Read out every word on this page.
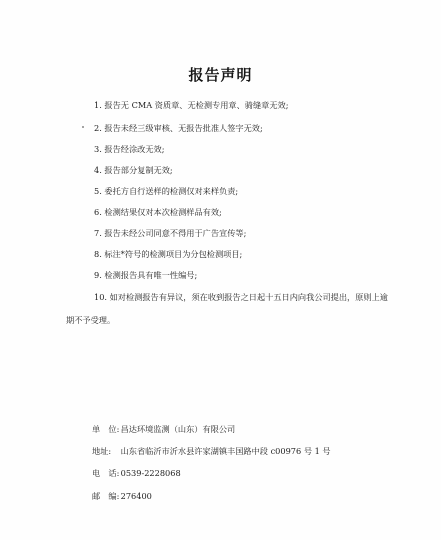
报告声明
1. 报告无 CMA 资质章、无检测专用章、骑缝章无效;
2. 报告未经三级审核、无报告批准人签字无效;
3. 报告经涂改无效;
4. 报告部分复制无效;
5. 委托方自行送样的检测仅对来样负责;
6. 检测结果仅对本次检测样品有效;
7. 报告未经公司同意不得用于广告宣传等;
8. 标注*符号的检测项目为分包检测项目;
9. 检测报告具有唯一性编号;
10. 如对检测报告有异议，须在收到报告之日起十五日内向我公司提出，原则上逾
期不予受理。
单　位: 昌达环境监测（山东）有限公司
地址: 山东省临沂市沂水县许家湖镇丰国路中段 c00976 号 1 号
电　话: 0539-2228068
邮　编: 276400
